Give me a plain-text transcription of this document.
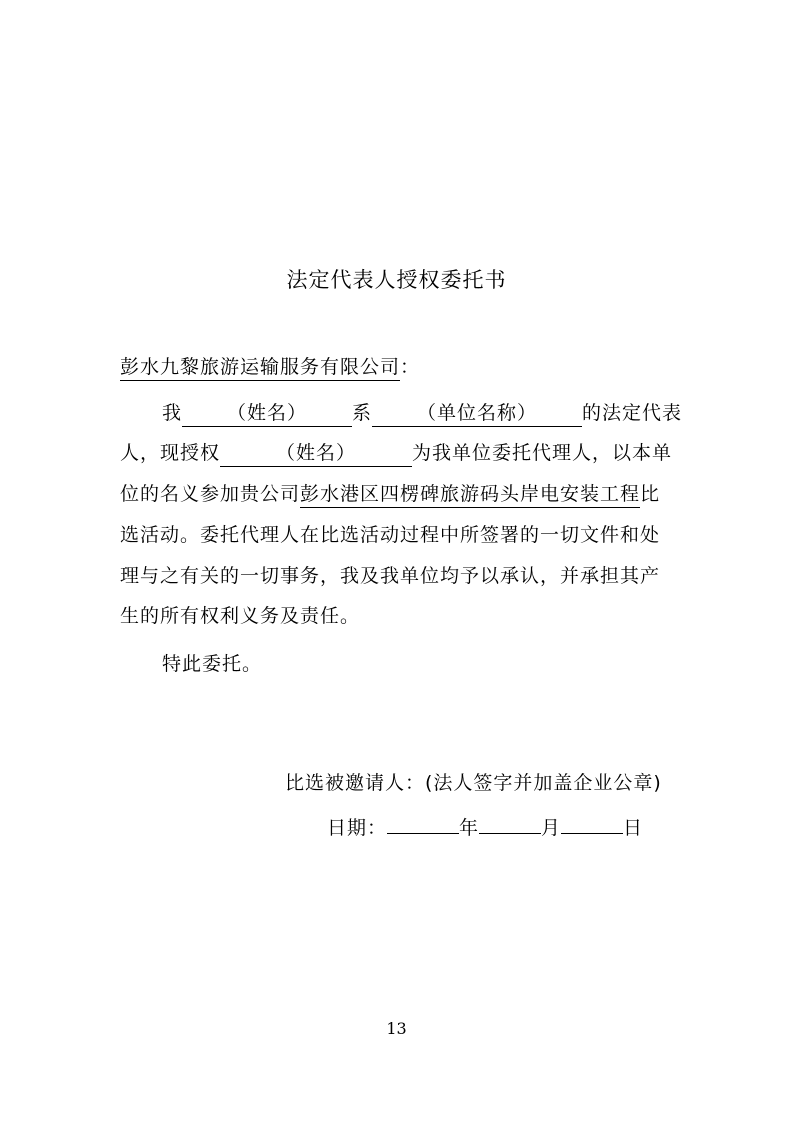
法定代表人授权委托书
彭水九黎旅游运输服务有限公司：
我 （姓名） 系 （单位名称） 的法定代表
人，现授权	（姓名）	为我单位委托代理人，以本单
位的名义参加贵公司彭水港区四楞碑旅游码头岸电安装工程比
选活动。委托代理人在比选活动过程中所签署的一切文件和处
理与之有关的一切事务，我及我单位均予以承认，并承担其产
生的所有权利义务及责任。
特此委托。
比选被邀请人：(法人签字并加盖企业公章)
日期：	年	月	日
13
